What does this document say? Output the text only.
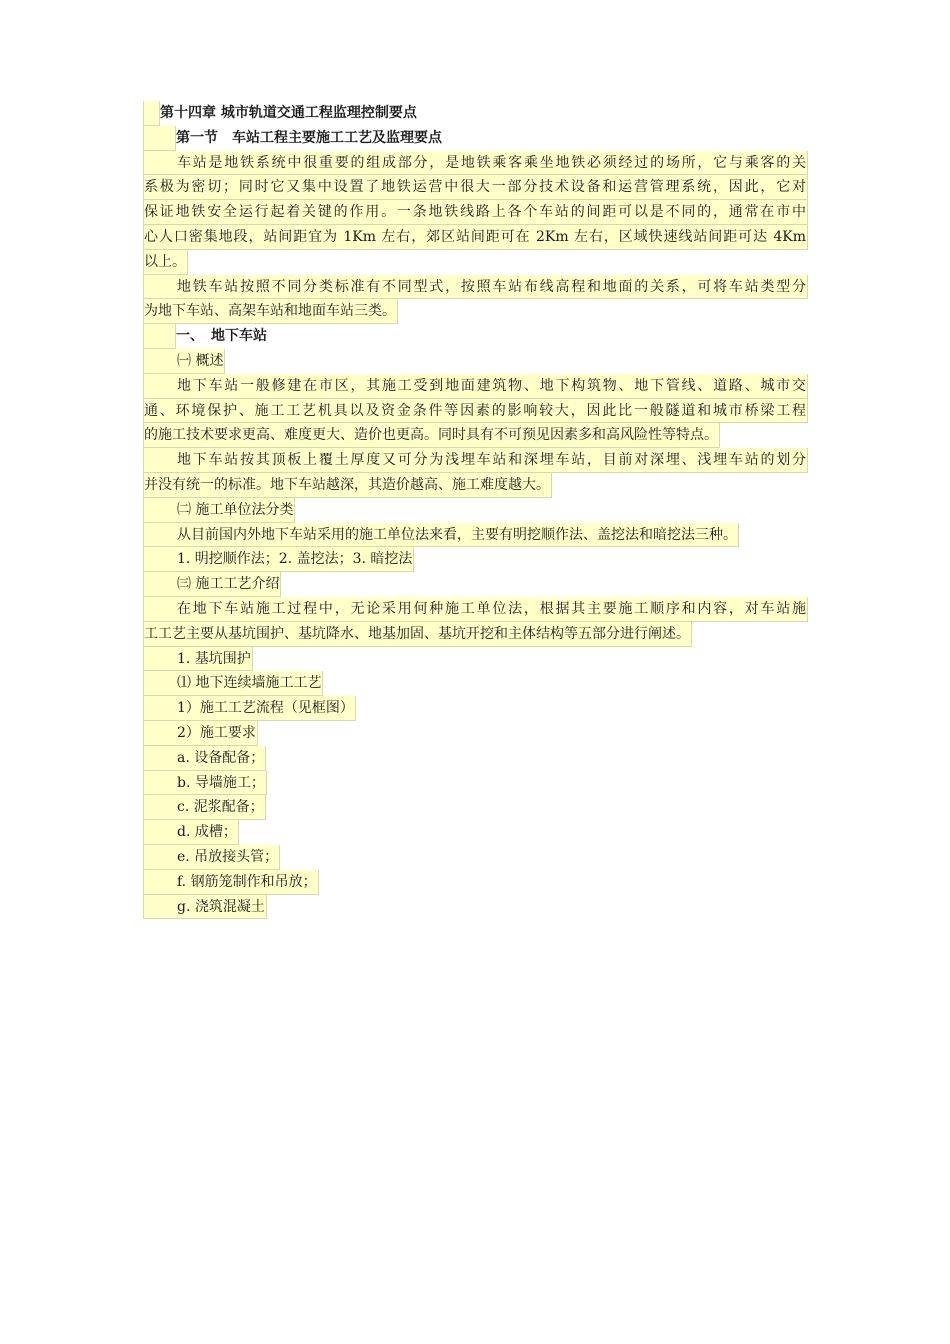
第十四章 城市轨道交通工程监理控制要点
第一节　车站工程主要施工工艺及监理要点
车站是地铁系统中很重要的组成部分，是地铁乘客乘坐地铁必须经过的场所，它与乘客的关
系极为密切；同时它又集中设置了地铁运营中很大一部分技术设备和运营管理系统，因此，它对
保证地铁安全运行起着关键的作用。一条地铁线路上各个车站的间距可以是不同的，通常在市中
心人口密集地段，站间距宜为 1Km 左右，郊区站间距可在 2Km 左右，区域快速线站间距可达 4Km
以上。
地铁车站按照不同分类标准有不同型式，按照车站布线高程和地面的关系，可将车站类型分
为地下车站、高架车站和地面车站三类。
一、　地下车站
㈠ 概述
地下车站一般修建在市区，其施工受到地面建筑物、地下构筑物、地下管线、道路、城市交
通、环境保护、施工工艺机具以及资金条件等因素的影响较大，因此比一般隧道和城市桥梁工程
的施工技术要求更高、难度更大、造价也更高。同时具有不可预见因素多和高风险性等特点。
地下车站按其顶板上覆土厚度又可分为浅埋车站和深埋车站，目前对深埋、浅埋车站的划分
并没有统一的标准。地下车站越深，其造价越高、施工难度越大。
㈡ 施工单位法分类
从目前国内外地下车站采用的施工单位法来看，主要有明挖顺作法、盖挖法和暗挖法三种。
1. 明挖顺作法；2. 盖挖法；3. 暗挖法
㈢ 施工工艺介绍
在地下车站施工过程中，无论采用何种施工单位法，根据其主要施工顺序和内容，对车站施
工工艺主要从基坑围护、基坑降水、地基加固、基坑开挖和主体结构等五部分进行阐述。
1. 基坑围护
⑴ 地下连续墙施工工艺
1）施工工艺流程（见框图）
2）施工要求
a. 设备配备；
b. 导墙施工；
c. 泥浆配备；
d. 成槽；
e. 吊放接头管；
f. 钢筋笼制作和吊放；
g. 浇筑混凝土
